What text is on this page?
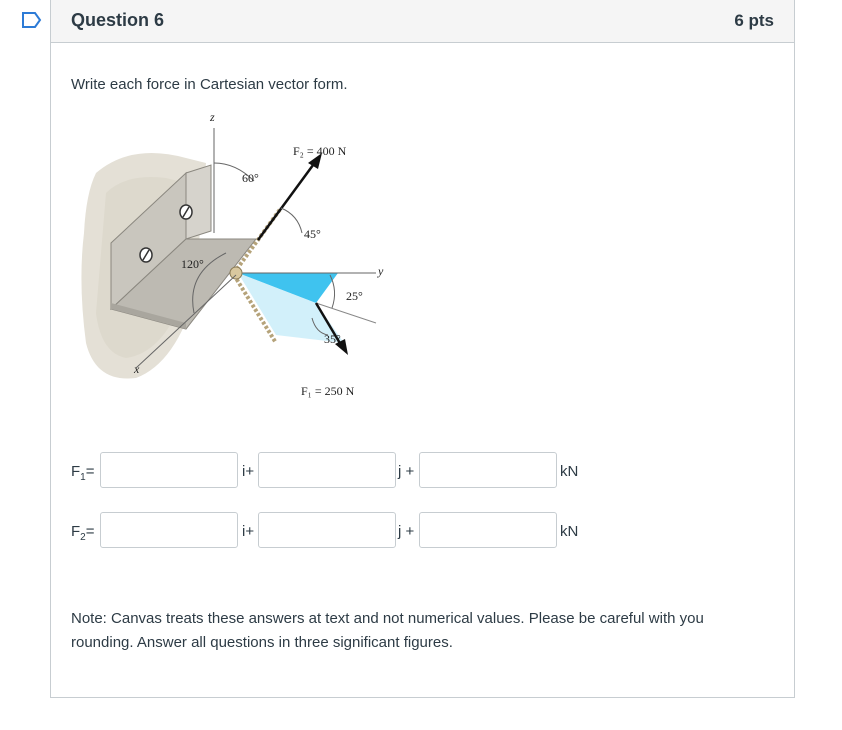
Question 6	6 pts
Write each force in Cartesian vector form.
z
y
x
F₂ = 400 N
F₁ = 250 N
60°
45°
120°
25°
35°
$F_1=$	i+	j +	kN
$F_2=$	i+	j +	kN
Note: Canvas treats these answers at text and not numerical values. Please be careful with you rounding. Answer all questions in three significant figures.
